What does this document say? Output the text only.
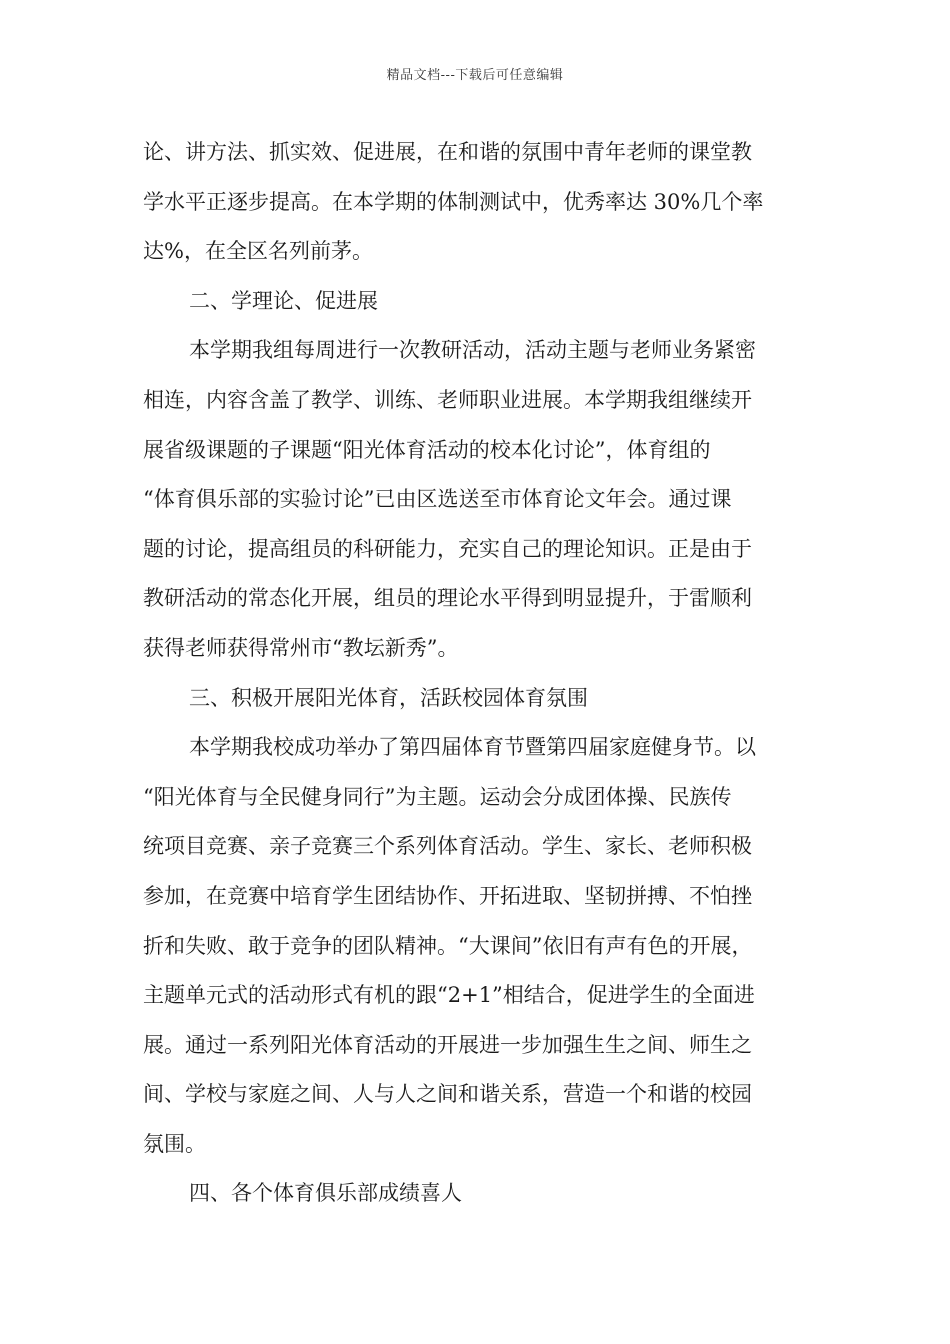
精品文档---下载后可任意编辑
论、讲方法、抓实效、促进展，在和谐的氛围中青年老师的课堂教
学水平正逐步提高。在本学期的体制测试中，优秀率达 30%几个率
达%，在全区名列前茅。
二、学理论、促进展
本学期我组每周进行一次教研活动，活动主题与老师业务紧密
相连，内容含盖了教学、训练、老师职业进展。本学期我组继续开
展省级课题的子课题“阳光体育活动的校本化讨论”，体育组的
“体育俱乐部的实验讨论”已由区选送至市体育论文年会。通过课
题的讨论，提高组员的科研能力，充实自己的理论知识。正是由于
教研活动的常态化开展，组员的理论水平得到明显提升，于雷顺利
获得老师获得常州市“教坛新秀”。
三、积极开展阳光体育，活跃校园体育氛围
本学期我校成功举办了第四届体育节暨第四届家庭健身节。以
“阳光体育与全民健身同行”为主题。运动会分成团体操、民族传
统项目竞赛、亲子竞赛三个系列体育活动。学生、家长、老师积极
参加，在竞赛中培育学生团结协作、开拓进取、坚韧拼搏、不怕挫
折和失败、敢于竞争的团队精神。“大课间”依旧有声有色的开展，
主题单元式的活动形式有机的跟“2+1”相结合，促进学生的全面进
展。通过一系列阳光体育活动的开展进一步加强生生之间、师生之
间、学校与家庭之间、人与人之间和谐关系，营造一个和谐的校园
氛围。
四、各个体育俱乐部成绩喜人
